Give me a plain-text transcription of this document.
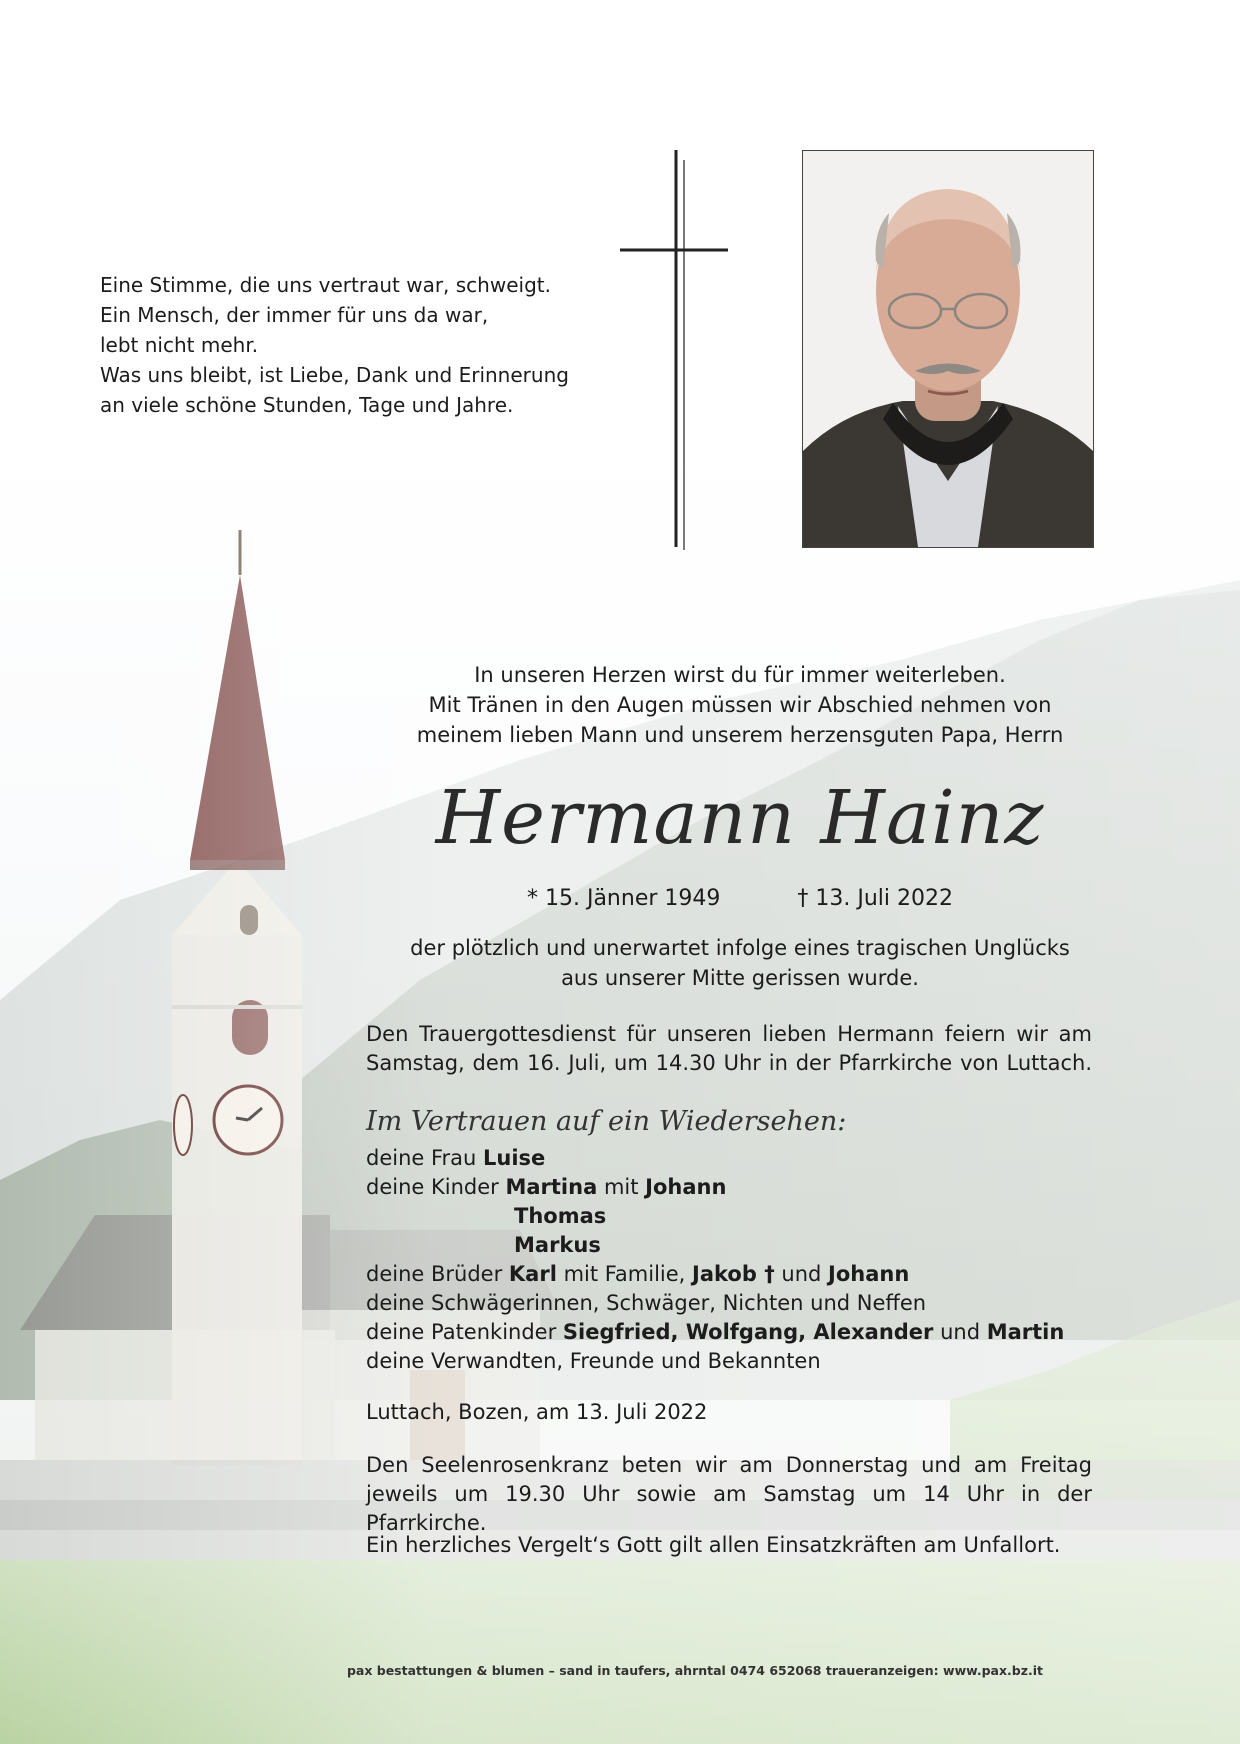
Eine Stimme, die uns vertraut war, schweigt.
Ein Mensch, der immer für uns da war,
lebt nicht mehr.
Was uns bleibt, ist Liebe, Dank und Erinnerung
an viele schöne Stunden, Tage und Jahre.
In unseren Herzen wirst du für immer weiterleben.
Mit Tränen in den Augen müssen wir Abschied nehmen von
meinem lieben Mann und unserem herzensguten Papa, Herrn
Hermann Hainz
* 15. Jänner 1949	† 13. Juli 2022
der plötzlich und unerwartet infolge eines tragischen Unglücks
aus unserer Mitte gerissen wurde.
Den Trauergottesdienst für unseren lieben Hermann feiern wir am
Samstag, dem 16. Juli, um 14.30 Uhr in der Pfarrkirche von Luttach.
Im Vertrauen auf ein Wiedersehen:
deine Frau Luise
deine Kinder Martina mit Johann
Thomas
Markus
deine Brüder Karl mit Familie, Jakob † und Johann
deine Schwägerinnen, Schwäger, Nichten und Neffen
deine Patenkinder Siegfried, Wolfgang, Alexander und Martin
deine Verwandten, Freunde und Bekannten
Luttach, Bozen, am 13. Juli 2022
Den Seelenrosenkranz beten wir am Donnerstag und am Freitag
jeweils um 19.30 Uhr sowie am Samstag um 14 Uhr in der Pfarrkirche.
Ein herzliches Vergelt‘s Gott gilt allen Einsatzkräften am Unfallort.
pax bestattungen & blumen – sand in taufers, ahrntal 0474 652068 traueranzeigen: www.pax.bz.it
